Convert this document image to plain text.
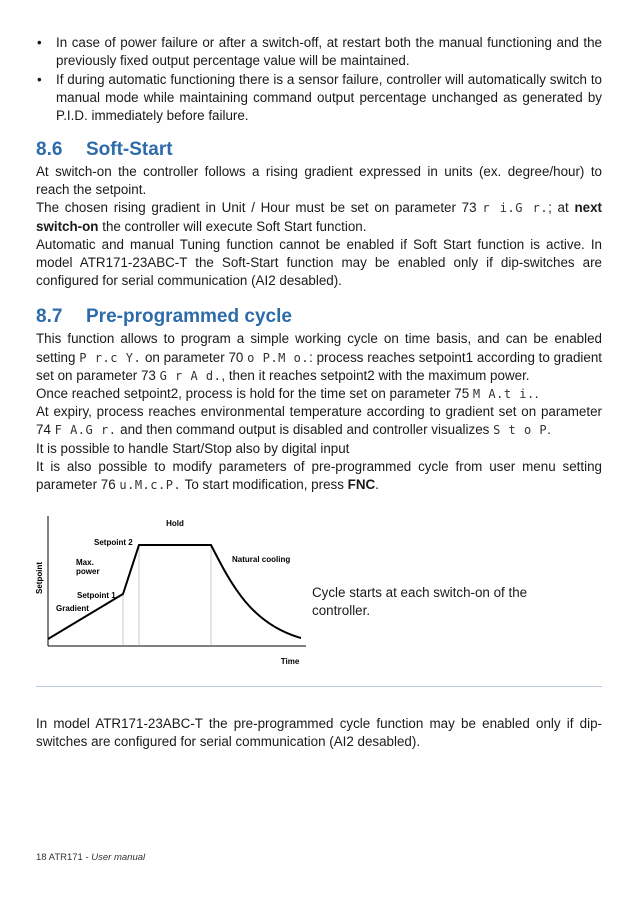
• In case of power failure or after a switch-off, at restart both the manual functioning and the previously fixed output percentage value will be maintained.
• If during automatic functioning there is a sensor failure, controller will automatically switch to manual mode while maintaining command output percentage unchanged as generated by P.I.D. immediately before failure.
8.6 Soft-Start

At switch-on the controller follows a rising gradient expressed in units (ex. degree/hour) to reach the setpoint.

The chosen rising gradient in Unit / Hour must be set on parameter 73 r i.G r.; at next switch-on the controller will execute Soft Start function.

Automatic and manual Tuning function cannot be enabled if Soft Start function is active. In model ATR171-23ABC-T the Soft-Start function may be enabled only if dip-switches are configured for serial communication (AI2 desabled).

8.7 Pre-programmed cycle

This function allows to program a simple working cycle on time basis, and can be enabled setting P r.c Y. on parameter 70 o P.M o.: process reaches setpoint1 according to gradient set on parameter 73 G r A d., then it reaches setpoint2 with the maximum power.

Once reached setpoint2, process is hold for the time set on parameter 75 M A.t i..

At expiry, process reaches environmental temperature according to gradient set on parameter 74 F A.G r. and then command output is disabled and controller visualizes S t o P.

It is possible to handle Start/Stop also by digital input

It is also possible to modify parameters of pre-programmed cycle from user menu setting parameter 76 u.M.c.P. To start modification, press FNC.

Setpoint
Time
Hold
Setpoint 2
Max.
power
Setpoint 1
Gradient
Natural cooling
Cycle starts at each switch-on of the controller.

In model ATR171-23ABC-T the pre-programmed cycle function may be enabled only if dip-switches are configured for serial communication (AI2 desabled).

18 ATR171 - User manual
